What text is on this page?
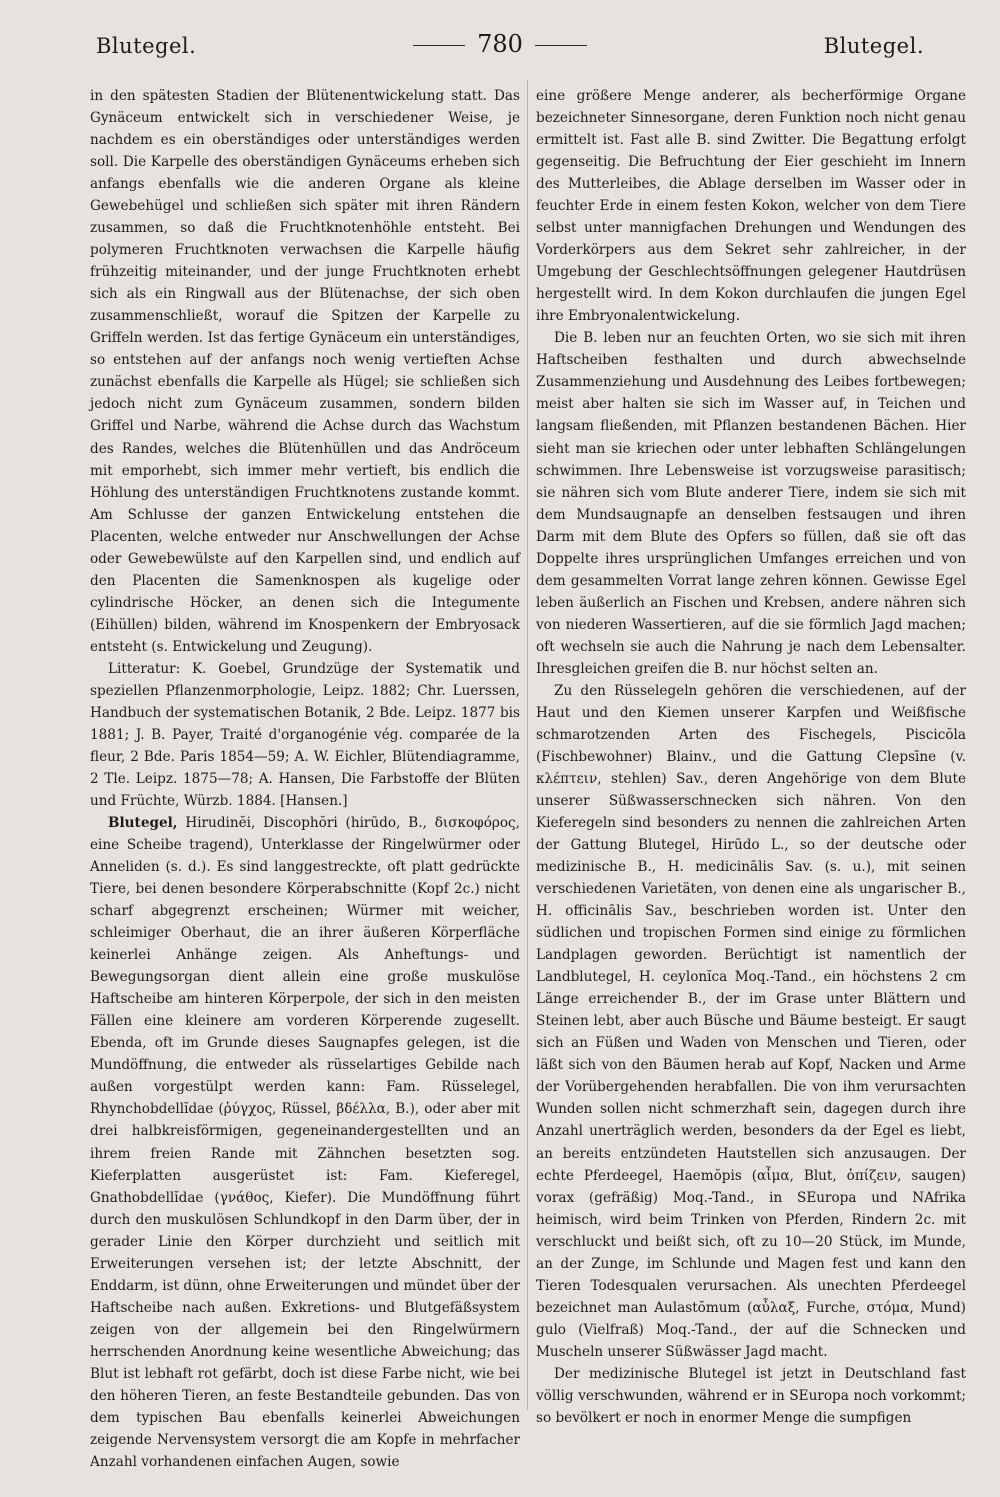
Blutegel.	780	Blutegel.

in den spätesten Stadien der Blütenentwickelung statt. Das Gynäceum entwickelt sich in verschiedener Weise, je nachdem es ein oberständiges oder unterständiges werden soll. Die Karpelle des oberständigen Gynäceums erheben sich anfangs ebenfalls wie die anderen Organe als kleine Gewebehügel und schließen sich später mit ihren Rändern zusammen, so daß die Fruchtknotenhöhle entsteht. Bei polymeren Fruchtknoten verwachsen die Karpelle häufig frühzeitig miteinander, und der junge Fruchtknoten erhebt sich als ein Ringwall aus der Blütenachse, der sich oben zusammenschließt, worauf die Spitzen der Karpelle zu Griffeln werden. Ist das fertige Gynäceum ein unterständiges, so entstehen auf der anfangs noch wenig vertieften Achse zunächst ebenfalls die Karpelle als Hügel; sie schließen sich jedoch nicht zum Gynäceum zusammen, sondern bilden Griffel und Narbe, während die Achse durch das Wachstum des Randes, welches die Blütenhüllen und das Andröceum mit emporhebt, sich immer mehr vertieft, bis endlich die Höhlung des unterständigen Fruchtknotens zustande kommt. Am Schlusse der ganzen Entwickelung entstehen die Placenten, welche entweder nur Anschwellungen der Achse oder Gewebewülste auf den Karpellen sind, und endlich auf den Placenten die Samenknospen als kugelige oder cylindrische Höcker, an denen sich die Integumente (Eihüllen) bilden, während im Knospenkern der Embryosack entsteht (s. Entwickelung und Zeugung).

Litteratur: K. Goebel, Grundzüge der Systematik und speziellen Pflanzenmorphologie, Leipz. 1882; Chr. Luerssen, Handbuch der systematischen Botanik, 2 Bde. Leipz. 1877 bis 1881; J. B. Payer, Traité d'organogénie vég. comparée de la fleur, 2 Bde. Paris 1854—59; A. W. Eichler, Blütendiagramme, 2 Tle. Leipz. 1875—78; A. Hansen, Die Farbstoffe der Blüten und Früchte, Würzb. 1884. [Hansen.]

Blutegel, Hirudinĕi, Discophŏri (hirūdo, B., δισκοφόρος, eine Scheibe tragend), Unterklasse der Ringelwürmer oder Anneliden (s. d.). Es sind langgestreckte, oft platt gedrückte Tiere, bei denen besondere Körperabschnitte (Kopf 2c.) nicht scharf abgegrenzt erscheinen; Würmer mit weicher, schleimiger Oberhaut, die an ihrer äußeren Körperfläche keinerlei Anhänge zeigen. Als Anheftungs- und Bewegungsorgan dient allein eine große muskulöse Haftscheibe am hinteren Körperpole, der sich in den meisten Fällen eine kleinere am vorderen Körperende zugesellt. Ebenda, oft im Grunde dieses Saugnapfes gelegen, ist die Mundöffnung, die entweder als rüsselartiges Gebilde nach außen vorgestülpt werden kann: Fam. Rüsselegel, Rhynchobdellĭdae (ῥύγχος, Rüssel, βδέλλα, B.), oder aber mit drei halbkreisförmigen, gegeneinandergestellten und an ihrem freien Rande mit Zähnchen besetzten sog. Kieferplatten ausgerüstet ist: Fam. Kieferegel, Gnathobdellĭdae (γνάθος, Kiefer). Die Mundöffnung führt durch den muskulösen Schlundkopf in den Darm über, der in gerader Linie den Körper durchzieht und seitlich mit Erweiterungen versehen ist; der letzte Abschnitt, der Enddarm, ist dünn, ohne Erweiterungen und mündet über der Haftscheibe nach außen. Exkretions- und Blutgefäßsystem zeigen von der allgemein bei den Ringelwürmern herrschenden Anordnung keine wesentliche Abweichung; das Blut ist lebhaft rot gefärbt, doch ist diese Farbe nicht, wie bei den höheren Tieren, an feste Bestandteile gebunden. Das von dem typischen Bau ebenfalls keinerlei Abweichungen zeigende Nervensystem versorgt die am Kopfe in mehrfacher Anzahl vorhandenen einfachen Augen, sowie

eine größere Menge anderer, als becherförmige Organe bezeichneter Sinnesorgane, deren Funktion noch nicht genau ermittelt ist. Fast alle B. sind Zwitter. Die Begattung erfolgt gegenseitig. Die Befruchtung der Eier geschieht im Innern des Mutterleibes, die Ablage derselben im Wasser oder in feuchter Erde in einem festen Kokon, welcher von dem Tiere selbst unter mannigfachen Drehungen und Wendungen des Vorderkörpers aus dem Sekret sehr zahlreicher, in der Umgebung der Geschlechtsöffnungen gelegener Hautdrüsen hergestellt wird. In dem Kokon durchlaufen die jungen Egel ihre Embryonalentwickelung.

Die B. leben nur an feuchten Orten, wo sie sich mit ihren Haftscheiben festhalten und durch abwechselnde Zusammenziehung und Ausdehnung des Leibes fortbewegen; meist aber halten sie sich im Wasser auf, in Teichen und langsam fließenden, mit Pflanzen bestandenen Bächen. Hier sieht man sie kriechen oder unter lebhaften Schlängelungen schwimmen. Ihre Lebensweise ist vorzugsweise parasitisch; sie nähren sich vom Blute anderer Tiere, indem sie sich mit dem Mundsaugnapfe an denselben festsaugen und ihren Darm mit dem Blute des Opfers so füllen, daß sie oft das Doppelte ihres ursprünglichen Umfanges erreichen und von dem gesammelten Vorrat lange zehren können. Gewisse Egel leben äußerlich an Fischen und Krebsen, andere nähren sich von niederen Wassertieren, auf die sie förmlich Jagd machen; oft wechseln sie auch die Nahrung je nach dem Lebensalter. Ihresgleichen greifen die B. nur höchst selten an.

Zu den Rüsselegeln gehören die verschiedenen, auf der Haut und den Kiemen unserer Karpfen und Weißfische schmarotzenden Arten des Fischegels, Piscicŏla (Fischbewohner) Blainv., und die Gattung Clepsīne (v. κλέπτειν, stehlen) Sav., deren Angehörige von dem Blute unserer Süßwasserschnecken sich nähren. Von den Kieferegeln sind besonders zu nennen die zahlreichen Arten der Gattung Blutegel, Hirūdo L., so der deutsche oder medizinische B., H. medicinālis Sav. (s. u.), mit seinen verschiedenen Varietäten, von denen eine als ungarischer B., H. officinālis Sav., beschrieben worden ist. Unter den südlichen und tropischen Formen sind einige zu förmlichen Landplagen geworden. Berüchtigt ist namentlich der Landblutegel, H. ceylonĭca Moq.-Tand., ein höchstens 2 cm Länge erreichender B., der im Grase unter Blättern und Steinen lebt, aber auch Büsche und Bäume besteigt. Er saugt sich an Füßen und Waden von Menschen und Tieren, oder läßt sich von den Bäumen herab auf Kopf, Nacken und Arme der Vorübergehenden herabfallen. Die von ihm verursachten Wunden sollen nicht schmerzhaft sein, dagegen durch ihre Anzahl unerträglich werden, besonders da der Egel es liebt, an bereits entzündeten Hautstellen sich anzusaugen. Der echte Pferdeegel, Haemŏpis (αἷμα, Blut, ὀπίζειν, saugen) vorax (gefräßig) Moq.-Tand., in SEuropa und NAfrika heimisch, wird beim Trinken von Pferden, Rindern 2c. mit verschluckt und beißt sich, oft zu 10—20 Stück, im Munde, an der Zunge, im Schlunde und Magen fest und kann den Tieren Todesqualen verursachen. Als unechten Pferdeegel bezeichnet man Aulastŏmum (αὖλαξ, Furche, στόμα, Mund) gulo (Vielfraß) Moq.-Tand., der auf die Schnecken und Muscheln unserer Süßwässer Jagd macht.

Der medizinische Blutegel ist jetzt in Deutschland fast völlig verschwunden, während er in SEuropa noch vorkommt; so bevölkert er noch in enormer Menge die sumpfigen
